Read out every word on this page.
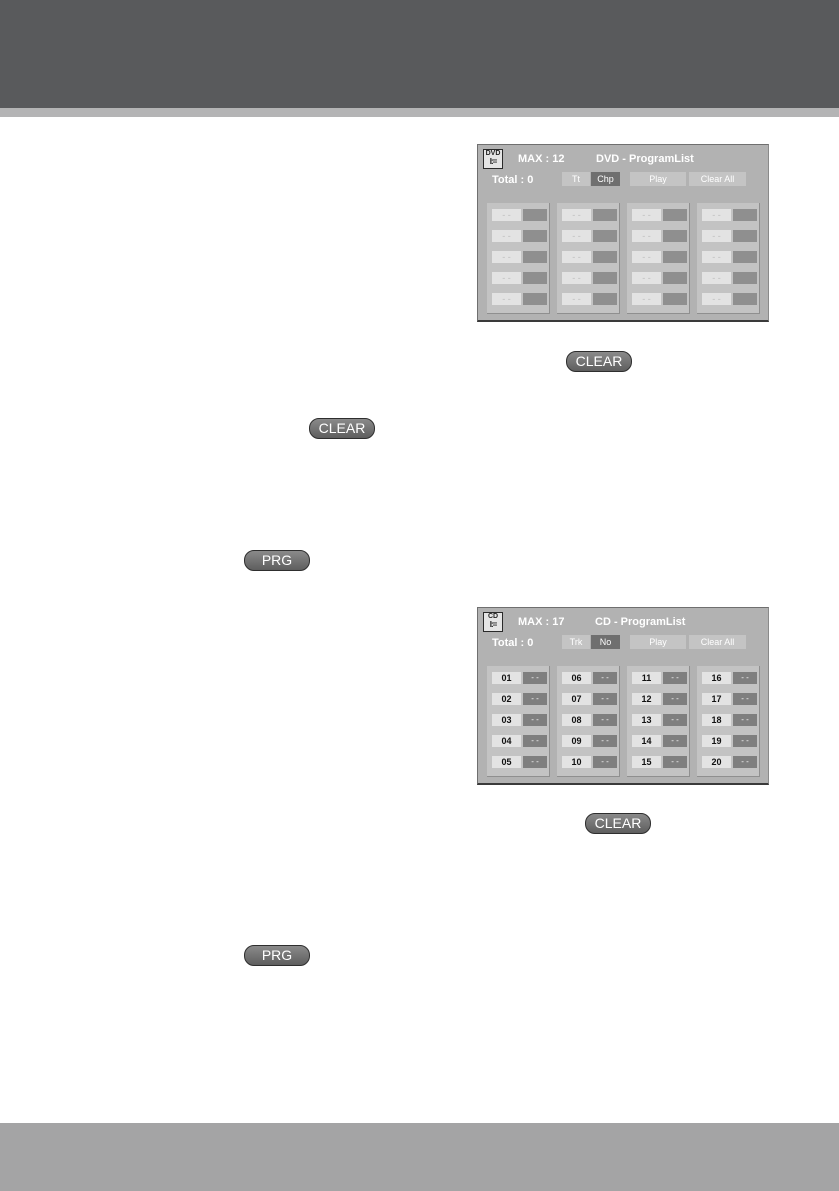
DVD
I:=	MAX : 12	DVD - ProgramList
Total : 0	Tt	Chp	Play	Clear All
- -
- -
- -
- -
- -
- -
- -
- -
- -
- -
- -
- -
- -
- -
- -
- -
- -
- -
- -
- -
CLEAR
CLEAR
PRG
CD
I:=	MAX : 17	CD - ProgramList
Total : 0	Trk	No	Play	Clear All
01	- -
02	- -
03	- -
04	- -
05	- -
06	- -
07	- -
08	- -
09	- -
10	- -
11	- -
12	- -
13	- -
14	- -
15	- -
16	- -
17	- -
18	- -
19	- -
20	- -
CLEAR
PRG
